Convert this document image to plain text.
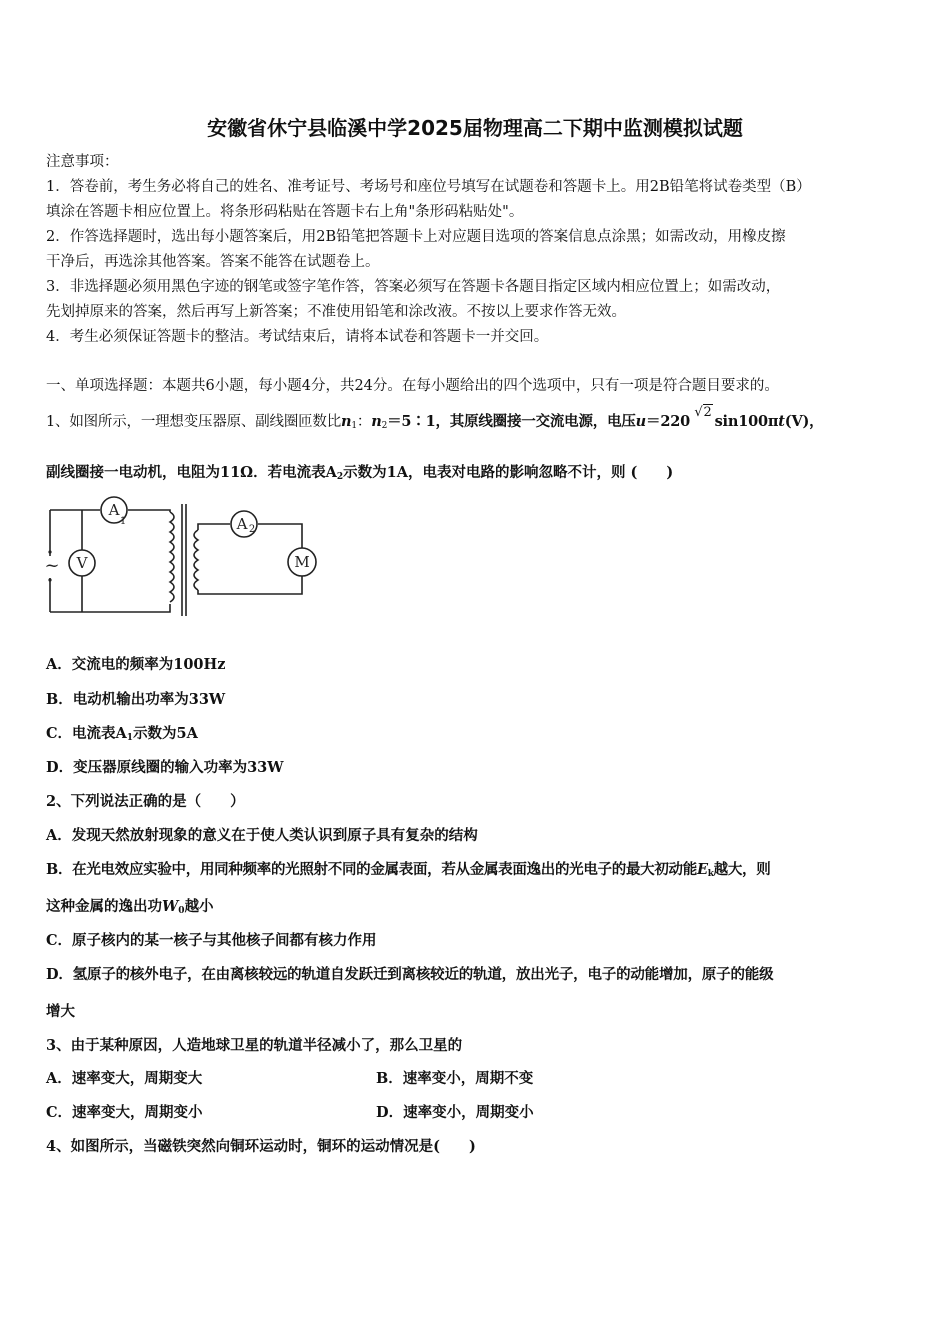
安徽省休宁县临溪中学2025届物理高二下期中监测模拟试题
注意事项：
1．答卷前，考生务必将自己的姓名、准考证号、考场号和座位号填写在试题卷和答题卡上。用2B铅笔将试卷类型（B）
填涂在答题卡相应位置上。将条形码粘贴在答题卡右上角"条形码粘贴处"。
2．作答选择题时，选出每小题答案后，用2B铅笔把答题卡上对应题目选项的答案信息点涂黑；如需改动，用橡皮擦
干净后，再选涂其他答案。答案不能答在试题卷上。
3．非选择题必须用黑色字迹的钢笔或签字笔作答，答案必须写在答题卡各题目指定区域内相应位置上；如需改动，
先划掉原来的答案，然后再写上新答案；不准使用铅笔和涂改液。不按以上要求作答无效。
4．考生必须保证答题卡的整洁。考试结束后，请将本试卷和答题卡一并交回。
一、单项选择题：本题共6小题，每小题4分，共24分。在每小题给出的四个选项中，只有一项是符合题目要求的。
1、如图所示，一理想变压器原、副线圈匝数比$n_1$：$n_2=5∶1$，其原线圈接一交流电源，电压u＝220 √2sin100πt(V)，
副线圈接一电动机，电阻为11Ω．若电流表$A_2$示数为1A，电表对电路的影响忽略不计，则 (　　)
A
1
V
A 2
M
~
A．交流电的频率为100Hz
B．电动机输出功率为33W
C．电流表$A_1$示数为5A
D．变压器原线圈的输入功率为33W
2、下列说法正确的是（　　）
A．发现天然放射现象的意义在于使人类认识到原子具有复杂的结构
B．在光电效应实验中，用同种频率的光照射不同的金属表面，若从金属表面逸出的光电子的最大初动能$E_k$越大，则
这种金属的逸出功$W_0$越小
C．原子核内的某一核子与其他核子间都有核力作用
D．氢原子的核外电子，在由离核较远的轨道自发跃迁到离核较近的轨道，放出光子，电子的动能增加，原子的能级
增大
3、由于某种原因，人造地球卫星的轨道半径减小了，那么卫星的
A．速率变大，周期变大	B．速率变小，周期不变
C．速率变大，周期变小	D．速率变小，周期变小
4、如图所示，当磁铁突然向铜环运动时，铜环的运动情况是(　　)
